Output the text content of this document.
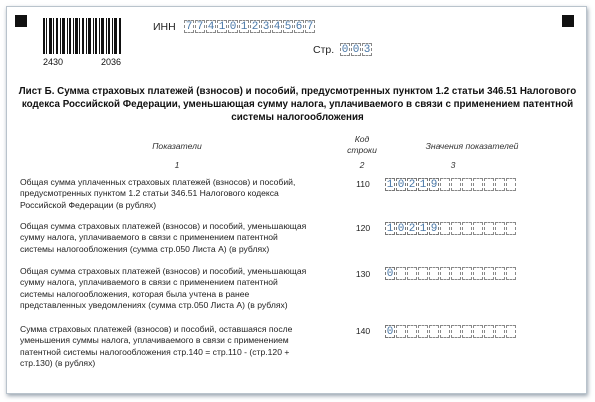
2430	2036
ИНН 7 7 4 1 0 1 2 3 4 5 6 7
Стр. 0 0 3
Лист Б. Сумма страховых платежей (взносов) и пособий, предусмотренных пунктом 1.2 статьи 346.51 Налогового кодекса Российской Федерации, уменьшающая сумму налога, уплачиваемого в связи с применением патентной системы налогообложения
Показатели
Код
строки	Значения показателей
1	2	3
Общая сумма уплаченных страховых платежей (взносов) и пособий, предусмотренных пунктом 1.2 статьи 346.51 Налогового кодекса Российской Федерации (в рублях)
110	1 0 2 1 9
Общая сумма страховых платежей (взносов) и пособий, уменьшающая сумму налога, уплачиваемого в связи с применением патентной системы налогообложения (сумма стр.050 Листа А) (в рублях)
120	1 0 2 1 9
Общая сумма страховых платежей (взносов) и пособий, уменьшающая сумму налога, уплачиваемого в связи с применением патентной системы налогообложения, которая была учтена в ранее представленных уведомлениях (сумма стр.050 Листа А) (в рублях)
130	0
Сумма страховых платежей (взносов) и пособий, оставшаяся после уменьшения суммы налога, уплачиваемого в связи с применением патентной системы налогообложения стр.140 = стр.110 - (стр.120 + стр.130) (в рублях)
140	0
